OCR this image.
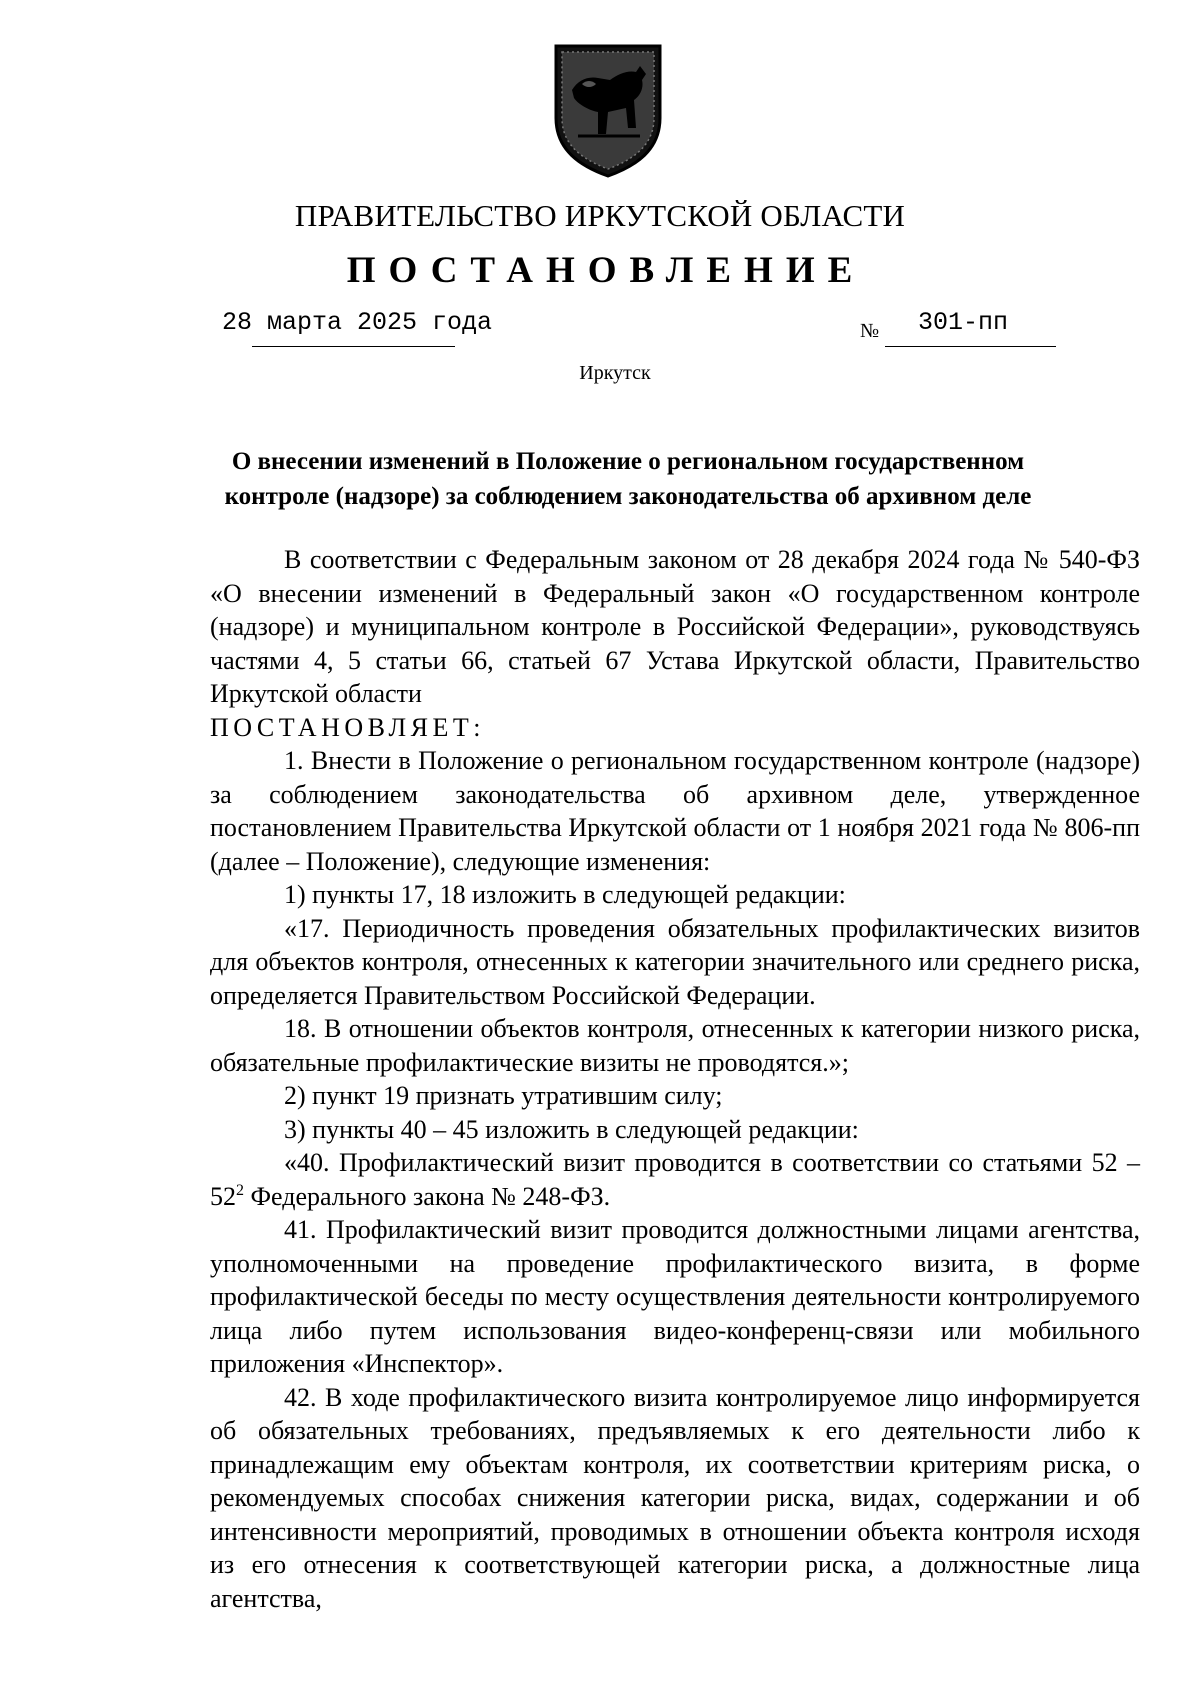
ПРАВИТЕЛЬСТВО ИРКУТСКОЙ ОБЛАСТИ
ПОСТАНОВЛЕНИЕ
28 марта 2025 года	№ 301-пп
Иркутск
О внесении изменений в Положение о региональном государственном
контроле (надзоре) за соблюдением законодательства об архивном деле

В соответствии с Федеральным законом от 28 декабря 2024 года № 540-ФЗ «О внесении изменений в Федеральный закон «О государственном контроле (надзоре) и муниципальном контроле в Российской Федерации», руководствуясь частями 4, 5 статьи 66, статьей 67 Устава Иркутской области, Правительство Иркутской области

ПОСТАНОВЛЯЕТ:

1. Внести в Положение о региональном государственном контроле (надзоре) за соблюдением законодательства об архивном деле, утвержденное постановлением Правительства Иркутской области от 1 ноября 2021 года № 806-пп (далее – Положение), следующие изменения:

1) пункты 17, 18 изложить в следующей редакции:

«17. Периодичность проведения обязательных профилактических визитов для объектов контроля, отнесенных к категории значительного или среднего риска, определяется Правительством Российской Федерации.

18. В отношении объектов контроля, отнесенных к категории низкого риска, обязательные профилактические визиты не проводятся.»;

2) пункт 19 признать утратившим силу;

3) пункты 40 – 45 изложить в следующей редакции:

«40. Профилактический визит проводится в соответствии со статьями $52 - 52^2$ Федерального закона № 248-ФЗ.

41. Профилактический визит проводится должностными лицами агентства, уполномоченными на проведение профилактического визита, в форме профилактической беседы по месту осуществления деятельности контролируемого лица либо путем использования видео-конференц-связи или мобильного приложения «Инспектор».

42. В ходе профилактического визита контролируемое лицо информируется об обязательных требованиях, предъявляемых к его деятельности либо к принадлежащим ему объектам контроля, их соответствии критериям риска, о рекомендуемых способах снижения категории риска, видах, содержании и об интенсивности мероприятий, проводимых в отношении объекта контроля исходя из его отнесения к соответствующей категории риска, а должностные лица агентства,
